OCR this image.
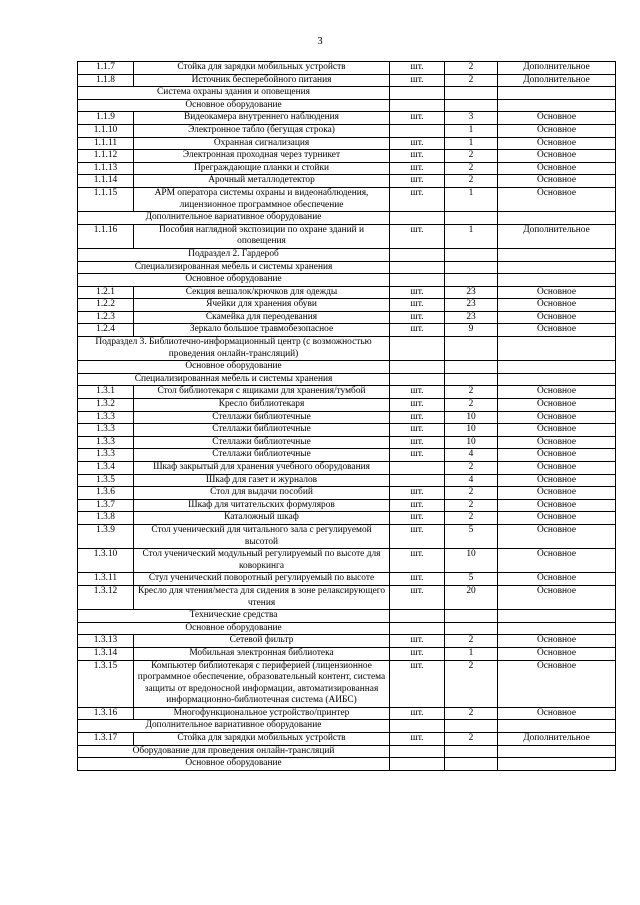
3
1.1.7	Стойка для зарядки мобильных устройств	шт.	2	Дополнительное
1.1.8	Источник бесперебойного питания	шт.	2	Дополнительное
Система охраны здания и оповещения				
Основное оборудование				
1.1.9	Видеокамера внутреннего наблюдения	шт.	3	Основное
1.1.10	Электронное табло (бегущая строка)		1	Основное
1.1.11	Охранная сигнализация	шт.	1	Основное
1.1.12	Электронная проходная через турникет	шт.	2	Основное
1.1.13	Преграждающие планки и стойки	шт.	2	Основное
1.1.14	Арочный металлодетектор	шт.	2	Основное
1.1.15	АРМ оператора системы охраны и видеонаблюдения, лицензионное программное обеспечение	шт.	1	Основное
Дополнительное вариативное оборудование				
1.1.16	Пособия наглядной экспозиции по охране зданий и оповещения	шт.	1	Дополнительное
Подраздел 2. Гардероб				
Специализированная мебель и системы хранения				
Основное оборудование				
1.2.1	Секция вешалок/крючков для одежды	шт.	23	Основное
1.2.2	Ячейки для хранения обуви	шт.	23	Основное
1.2.3	Скамейка для переодевания	шт.	23	Основное
1.2.4	Зеркало большое травмобезопасное	шт.	9	Основное
Подраздел 3. Библиотечно-информационный центр (с возможностью проведения онлайн-трансляций)				
Основное оборудование				
Специализированная мебель и системы хранения				
1.3.1	Стол библиотекаря с ящиками для хранения/тумбой	шт.	2	Основное
1.3.2	Кресло библиотекаря	шт.	2	Основное
1.3.3	Стеллажи библиотечные	шт.	10	Основное
1.3.3	Стеллажи библиотечные	шт.	10	Основное
1.3.3	Стеллажи библиотечные	шт.	10	Основное
1.3.3	Стеллажи библиотечные	шт.	4	Основное
1.3.4	Шкаф закрытый для хранения учебного оборудования		2	Основное
1.3.5	Шкаф для газет и журналов		4	Основное
1.3.6	Стол для выдачи пособий	шт.	2	Основное
1.3.7	Шкаф для читательских формуляров	шт.	2	Основное
1.3.8	Каталожный шкаф	шт.	2	Основное
1.3.9	Стол ученический для читального зала с регулируемой высотой	шт.	5	Основное
1.3.10	Стол ученический модульный регулируемый по высоте для коворкинга	шт.	10	Основное
1.3.11	Стул ученический поворотный регулируемый по высоте	шт.	5	Основное
1.3.12	Кресло для чтения/места для сидения в зоне релаксирующего чтения	шт.	20	Основное
Технические средства				
Основное оборудование				
1.3.13	Сетевой фильтр	шт.	2	Основное
1.3.14	Мобильная электронная библиотека	шт.	1	Основное
1.3.15	Компьютер библиотекаря с периферией (лицензионное программное обеспечение, образовательный контент, система защиты от вредоносной информации, автоматизированная информационно-библиотечная система (АИБС)	шт.	2	Основное
1.3.16	Многофункциональное устройство/принтер	шт.	2	Основное
Дополнительное вариативное оборудование				
1.3.17	Стойка для зарядки мобильных устройств	шт.	2	Дополнительное
Оборудование для проведения онлайн-трансляций				
Основное оборудование				
